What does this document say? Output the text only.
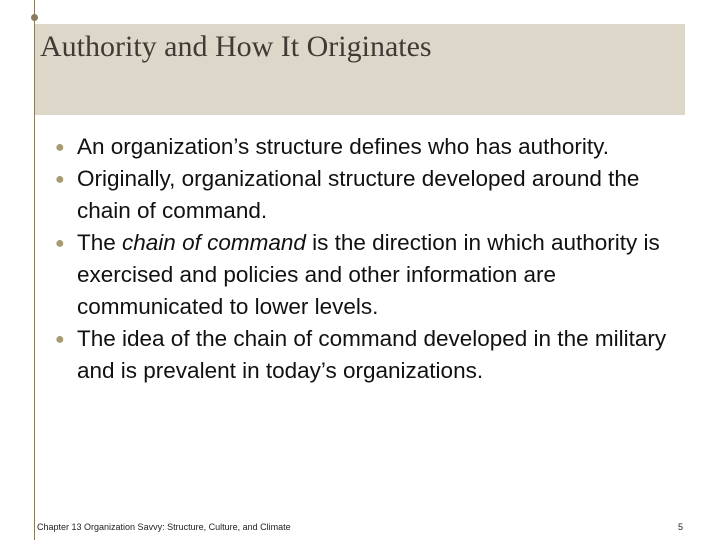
Authority and How It Originates
● An organization’s structure defines who has authority.
● Originally, organizational structure developed around the chain of command.
● The chain of command is the direction in which authority is exercised and policies and other information are communicated to lower levels.
● The idea of the chain of command developed in the military and is prevalent in today’s organizations.
Chapter 13 Organization Savvy: Structure, Culture, and Climate	5
